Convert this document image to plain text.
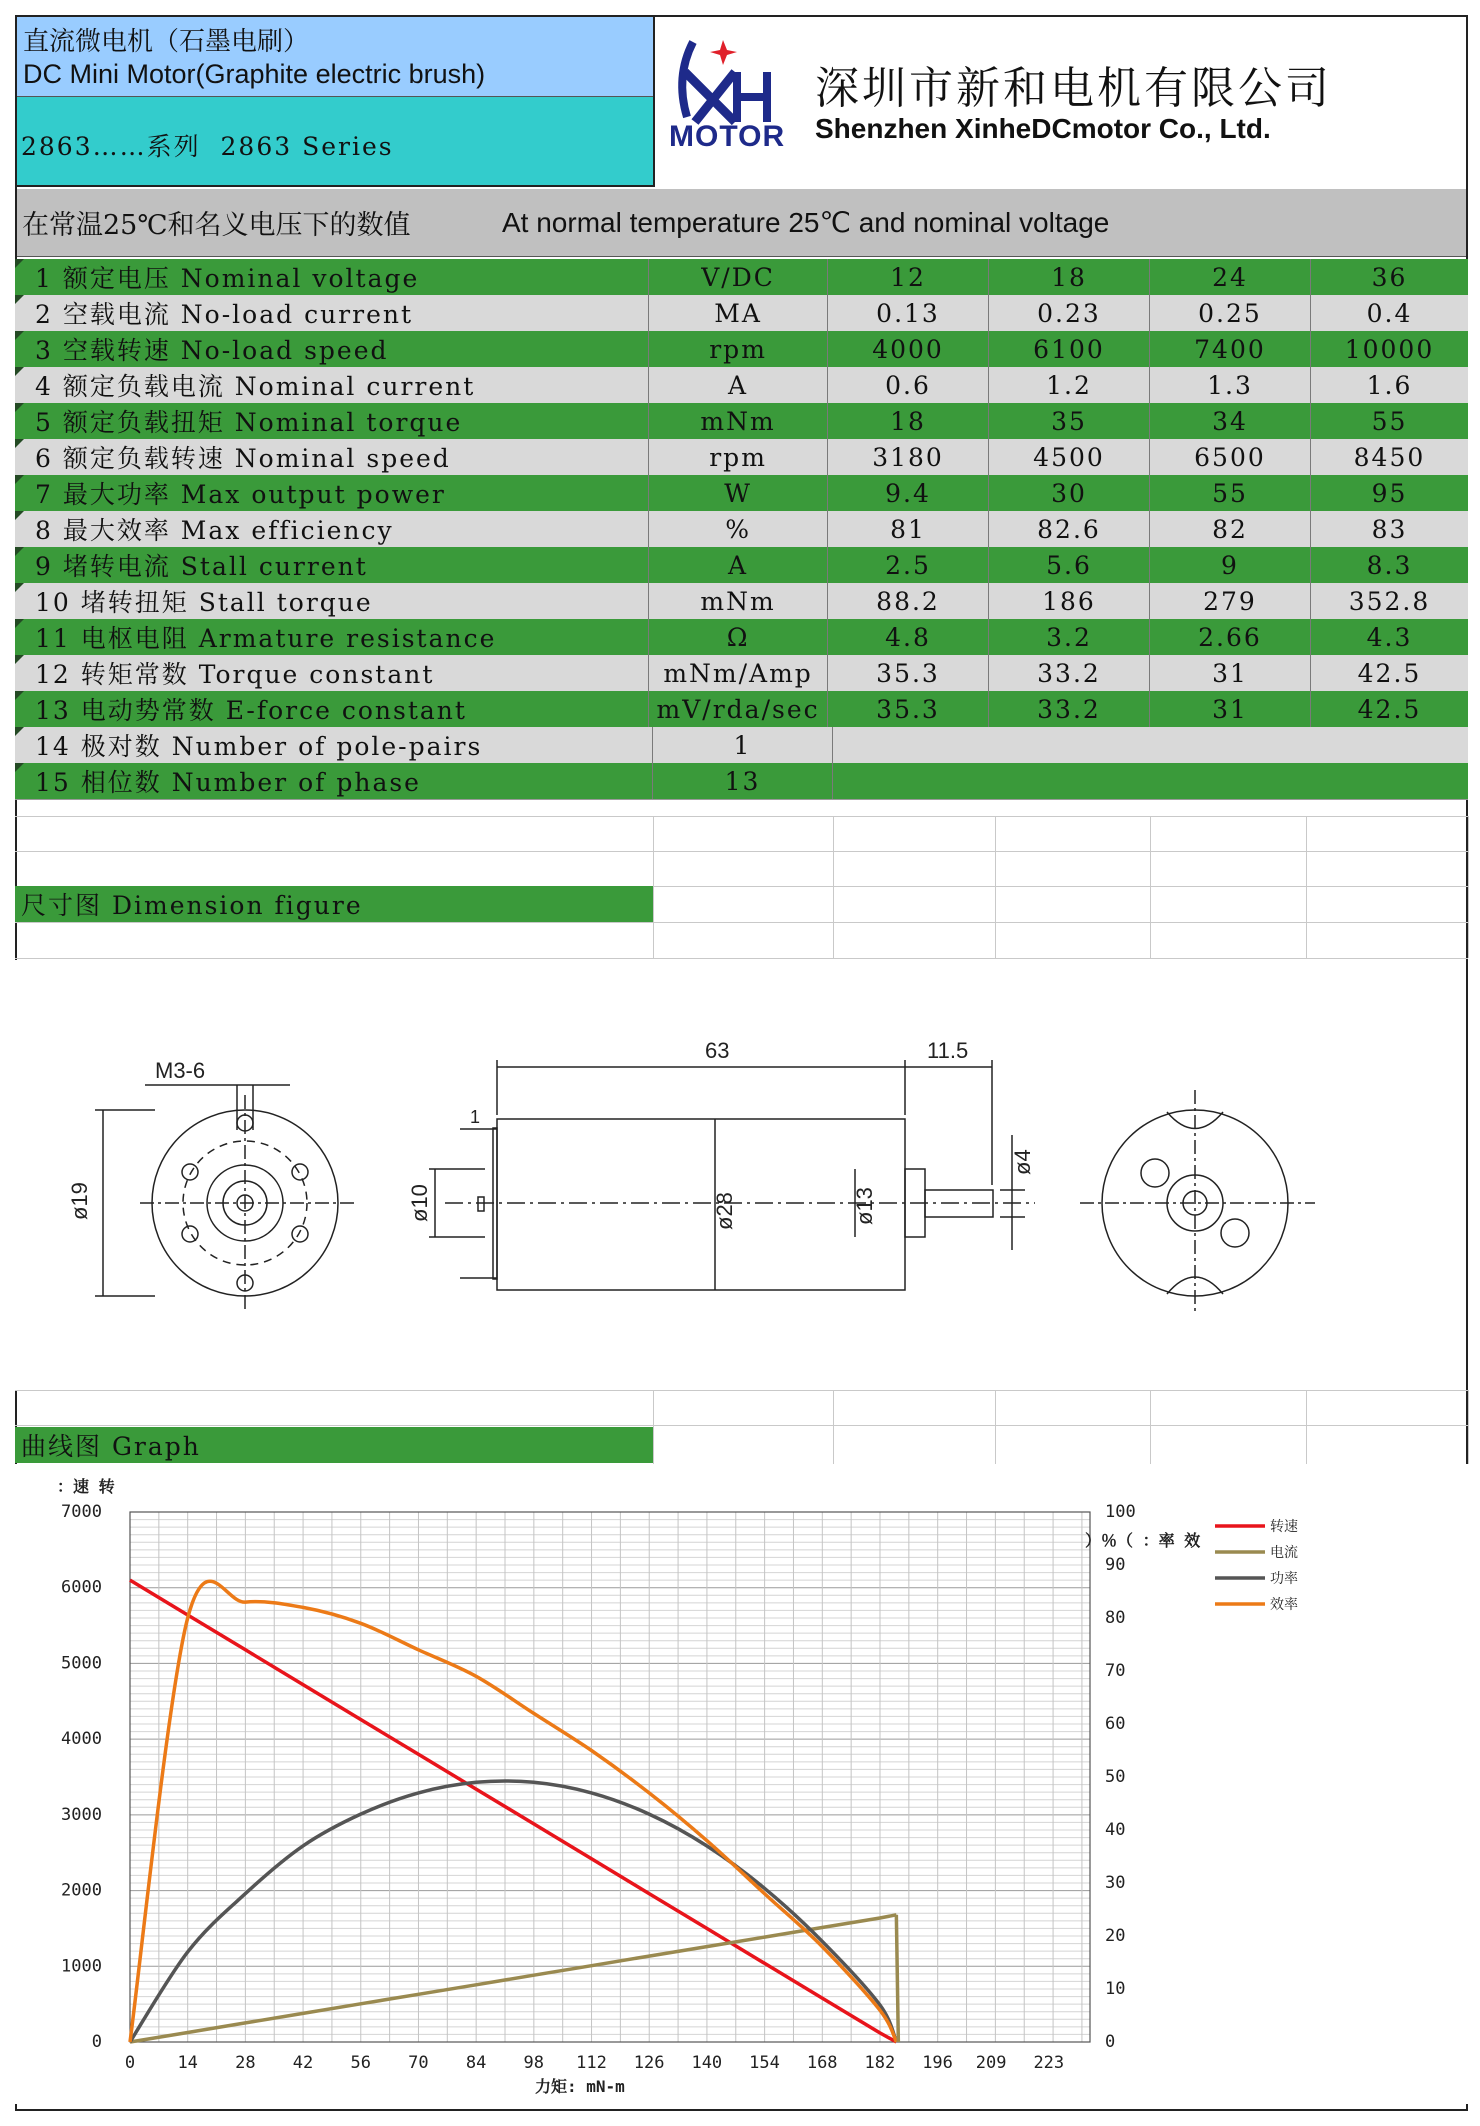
直流微电机（石墨电刷）
DC Mini Motor(Graphite electric brush)
2863……系列  2863 Series	MOTOR
深圳市新和电机有限公司
Shenzhen XinheDCmotor Co., Ltd.
在常温25℃和名义电压下的数值	At normal temperature 25℃ and nominal voltage
1 额定电压 Nominal voltage	V/DC	12	18	24	36
2 空载电流 No-load current	MA	0.13	0.23	0.25	0.4
3 空载转速 No-load speed	rpm	4000	6100	7400	10000
4 额定负载电流 Nominal current	A	0.6	1.2	1.3	1.6
5 额定负载扭矩 Nominal torque	mNm	18	35	34	55
6 额定负载转速 Nominal speed	rpm	3180	4500	6500	8450
7 最大功率 Max output power	W	9.4	30	55	95
8 最大效率 Max efficiency	%	81	82.6	82	83
9 堵转电流 Stall current	A	2.5	5.6	9	8.3
10 堵转扭矩 Stall torque	mNm	88.2	186	279	352.8
11 电枢电阻 Armature resistance	Ω	4.8	3.2	2.66	4.3
12 转矩常数 Torque constant	mNm/Amp	35.3	33.2	31	42.5
13 电动势常数 E-force constant	mV/rda/sec	35.3	33.2	31	42.5
14 极对数 Number of pole-pairs	1
15 相位数 Number of phase	13
尺寸图 Dimension figure
M3-6
ø19
63	11.5
1
ø10	ø28	ø13
ø4
曲线图 Graph
0
1000
2000
3000
4000
5000
6000
7000
0
10
20
30
40
50
60
70
80
90
100
0 14 28 42 56 70 84 98 112 126 140 154 168 182 196 209 223
力矩: mN-m
：速 转
）％（ ：率 效
转速
电流
功率
效率
